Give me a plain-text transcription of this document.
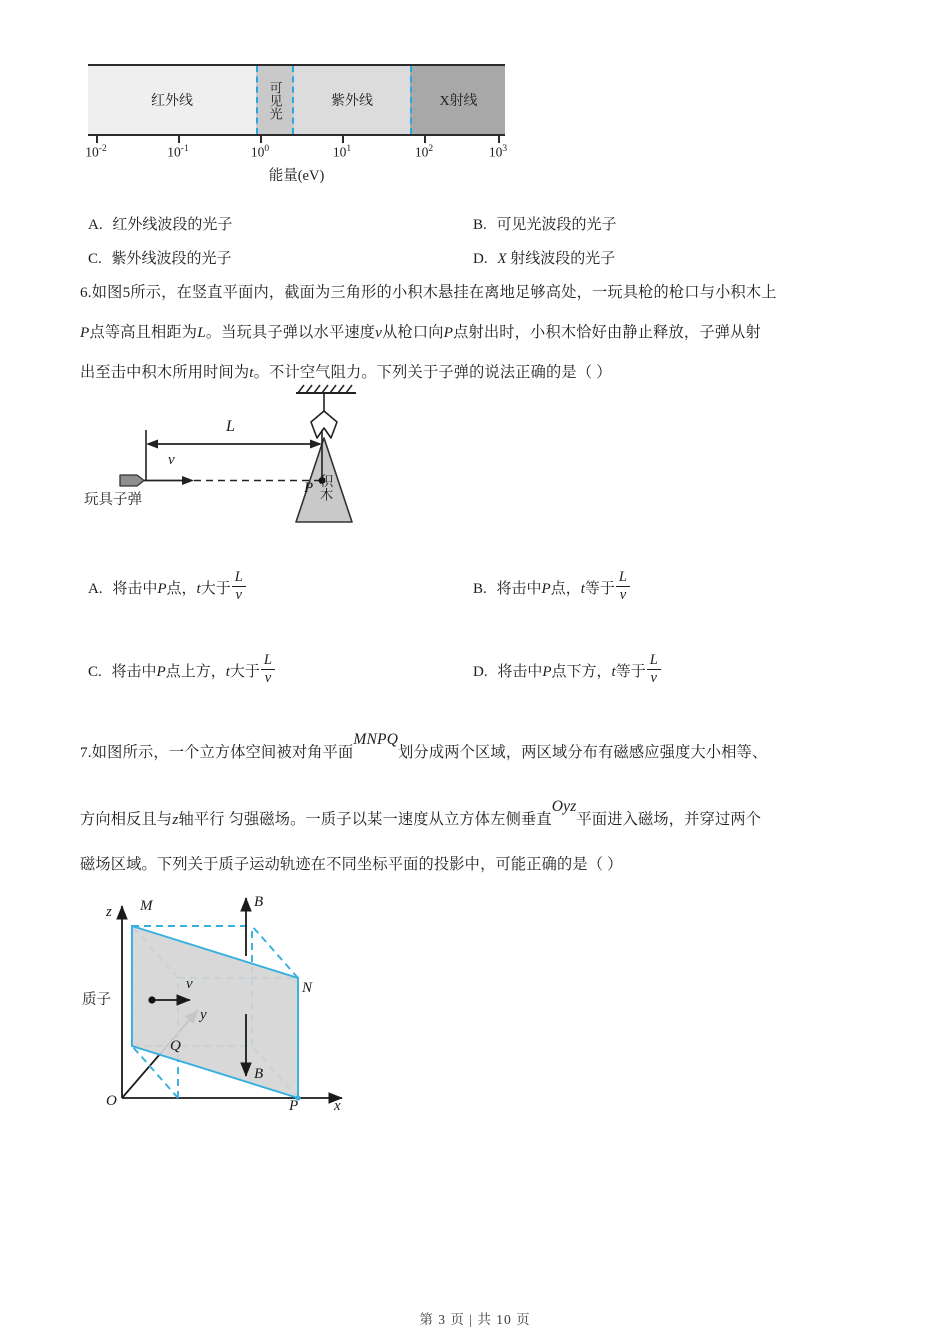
红外线	可见光	紫外线	X射线
$10^{-2}$	$10^{-1}$	$10^0$	$10^1$	$10^2$	$10^3$
能量(eV)
A. 红外线波段的光子	B. 可见光波段的光子
C. 紫外线波段的光子	D. X 射线波段的光子
6.如图5所示，在竖直平面内，截面为三角形的小积木悬挂在离地足够高处，一玩具枪的枪口与小积木上
P点等高且相距为L。当玩具子弹以水平速度v从枪口向P点射出时，小积木恰好由静止释放，子弹从射
出至击中积木所用时间为t。不计空气阻力。下列关于子弹的说法正确的是（ ）
玩具子弹
v
L
P 积木
A. 将击中P点，t大于 $\frac{L}{v}$	B. 将击中P点，t等于 $\frac{L}{v}$
C. 将击中P点上方，t大于 $\frac{L}{v}$	D. 将击中P点下方，t等于 $\frac{L}{v}$
7.如图所示，一个立方体空间被对角平面MNPQ划分成两个区域，两区域分布有磁感应强度大小相等、
方向相反且与z轴平行 匀强磁场。一质子以某一速度从立方体左侧垂直Oyz平面进入磁场，并穿过两个
磁场区域。下列关于质子运动轨迹在不同坐标平面的投影中，可能正确的是（ ）
z
y
x
O
M
N
P
Q
B
B
v
质子
第 3 页 | 共 10 页
